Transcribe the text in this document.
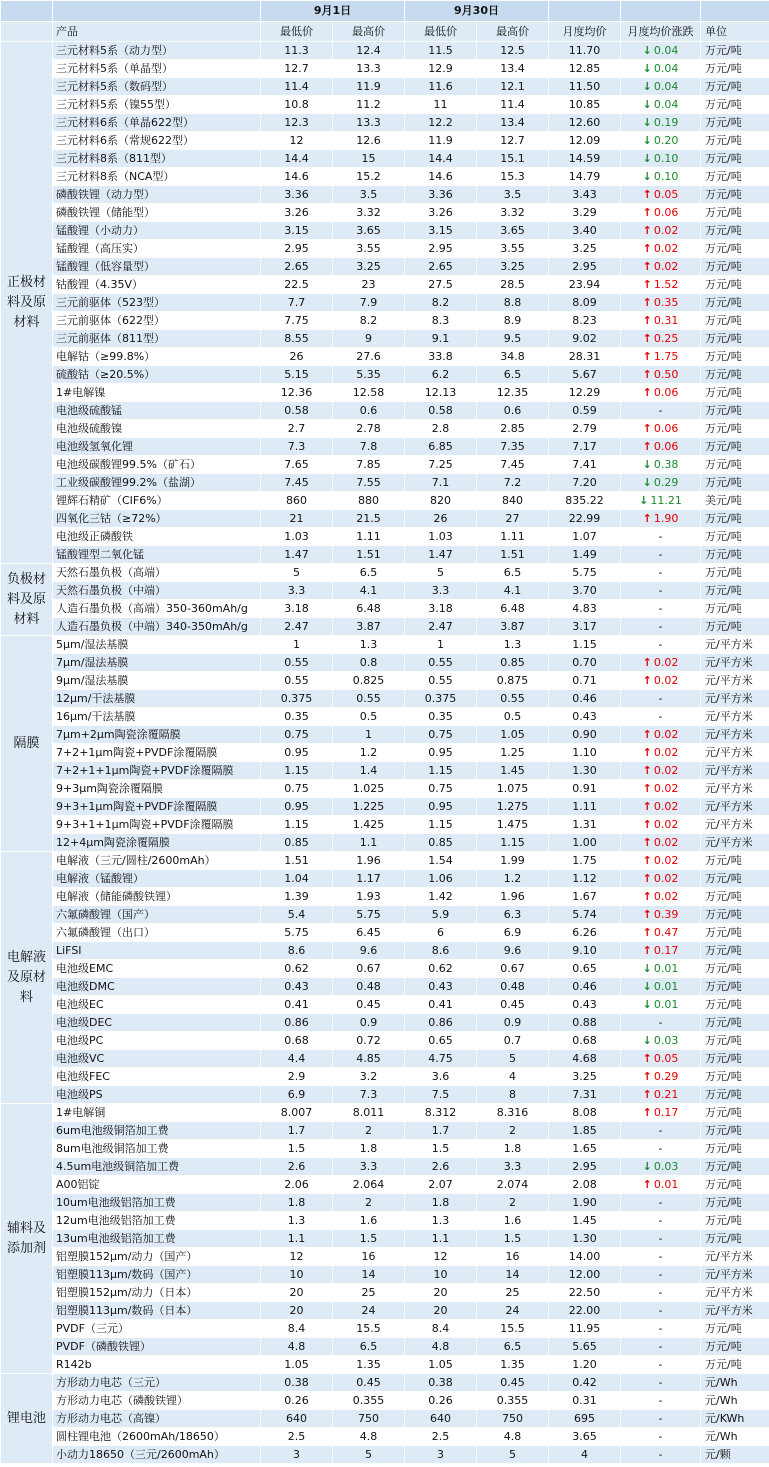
		9月1日		9月30日				
	产品	最低价	最高价	最低价	最高价	月度均价	月度均价涨跌	单位
正极材料及原材料	三元材料5系（动力型）	11.3	12.4	11.5	12.5	11.70	↓ 0.04	万元/吨
	三元材料5系（单晶型）	12.7	13.3	12.9	13.4	12.85	↓ 0.04	万元/吨
	三元材料5系（数码型）	11.4	11.9	11.6	12.1	11.50	↓ 0.04	万元/吨
	三元材料5系（镍55型）	10.8	11.2	11	11.4	10.85	↓ 0.04	万元/吨
	三元材料6系（单晶622型）	12.3	13.3	12.2	13.4	12.60	↓ 0.19	万元/吨
	三元材料6系（常规622型）	12	12.6	11.9	12.7	12.09	↓ 0.20	万元/吨
	三元材料8系（811型）	14.4	15	14.4	15.1	14.59	↓ 0.10	万元/吨
	三元材料8系（NCA型）	14.6	15.2	14.6	15.3	14.79	↓ 0.10	万元/吨
	磷酸铁锂（动力型）	3.36	3.5	3.36	3.5	3.43	↑ 0.05	万元/吨
	磷酸铁锂（储能型）	3.26	3.32	3.26	3.32	3.29	↑ 0.06	万元/吨
	锰酸锂（小动力）	3.15	3.65	3.15	3.65	3.40	↑ 0.02	万元/吨
	锰酸锂（高压实）	2.95	3.55	2.95	3.55	3.25	↑ 0.02	万元/吨
	锰酸锂（低容量型）	2.65	3.25	2.65	3.25	2.95	↑ 0.02	万元/吨
	钴酸锂（4.35V）	22.5	23	27.5	28.5	23.94	↑ 1.52	万元/吨
	三元前驱体（523型）	7.7	7.9	8.2	8.8	8.09	↑ 0.35	万元/吨
	三元前驱体（622型）	7.75	8.2	8.3	8.9	8.23	↑ 0.31	万元/吨
	三元前驱体（811型）	8.55	9	9.1	9.5	9.02	↑ 0.25	万元/吨
	电解钴（≥99.8%）	26	27.6	33.8	34.8	28.31	↑ 1.75	万元/吨
	硫酸钴（≥20.5%）	5.15	5.35	6.2	6.5	5.67	↑ 0.50	万元/吨
	1#电解镍	12.36	12.58	12.13	12.35	12.29	↑ 0.06	万元/吨
	电池级硫酸锰	0.58	0.6	0.58	0.6	0.59	-	万元/吨
	电池级硫酸镍	2.7	2.78	2.8	2.85	2.79	↑ 0.06	万元/吨
	电池级氢氧化锂	7.3	7.8	6.85	7.35	7.17	↑ 0.06	万元/吨
	电池级碳酸锂99.5%（矿石）	7.65	7.85	7.25	7.45	7.41	↓ 0.38	万元/吨
	工业级碳酸锂99.2%（盐湖）	7.45	7.55	7.1	7.2	7.20	↓ 0.29	万元/吨
	锂辉石精矿（CIF6%）	860	880	820	840	835.22	↓ 11.21	美元/吨
	四氧化三钴（≥72%）	21	21.5	26	27	22.99	↑ 1.90	万元/吨
	电池级正磷酸铁	1.03	1.11	1.03	1.11	1.07	-	万元/吨
	锰酸锂型二氧化锰	1.47	1.51	1.47	1.51	1.49	-	万元/吨
负极材料及原材料	天然石墨负极（高端）	5	6.5	5	6.5	5.75	-	万元/吨
	天然石墨负极（中端）	3.3	4.1	3.3	4.1	3.70	-	万元/吨
	人造石墨负极（高端）350-360mAh/g	3.18	6.48	3.18	6.48	4.83	-	万元/吨
	人造石墨负极（中端）340-350mAh/g	2.47	3.87	2.47	3.87	3.17	-	万元/吨
隔膜	5μm/湿法基膜	1	1.3	1	1.3	1.15	-	元/平方米
	7μm/湿法基膜	0.55	0.8	0.55	0.85	0.70	↑ 0.02	元/平方米
	9μm/湿法基膜	0.55	0.825	0.55	0.875	0.71	↑ 0.02	元/平方米
	12μm/干法基膜	0.375	0.55	0.375	0.55	0.46	-	元/平方米
	16μm/干法基膜	0.35	0.5	0.35	0.5	0.43	-	元/平方米
	7μm+2μm陶瓷涂覆隔膜	0.75	1	0.75	1.05	0.90	↑ 0.02	元/平方米
	7+2+1μm陶瓷+PVDF涂覆隔膜	0.95	1.2	0.95	1.25	1.10	↑ 0.02	元/平方米
	7+2+1+1μm陶瓷+PVDF涂覆隔膜	1.15	1.4	1.15	1.45	1.30	↑ 0.02	元/平方米
	9+3μm陶瓷涂覆隔膜	0.75	1.025	0.75	1.075	0.91	↑ 0.02	元/平方米
	9+3+1μm陶瓷+PVDF涂覆隔膜	0.95	1.225	0.95	1.275	1.11	↑ 0.02	元/平方米
	9+3+1+1μm陶瓷+PVDF涂覆隔膜	1.15	1.425	1.15	1.475	1.31	↑ 0.02	元/平方米
	12+4μm陶瓷涂覆隔膜	0.85	1.1	0.85	1.15	1.00	↑ 0.02	元/平方米
电解液及原材料	电解液（三元/圆柱/2600mAh）	1.51	1.96	1.54	1.99	1.75	↑ 0.02	万元/吨
	电解液（锰酸锂）	1.04	1.17	1.06	1.2	1.12	↑ 0.02	万元/吨
	电解液（储能磷酸铁锂）	1.39	1.93	1.42	1.96	1.67	↑ 0.02	万元/吨
	六氟磷酸锂（国产）	5.4	5.75	5.9	6.3	5.74	↑ 0.39	万元/吨
	六氟磷酸锂（出口）	5.75	6.45	6	6.9	6.26	↑ 0.47	万元/吨
	LiFSI	8.6	9.6	8.6	9.6	9.10	↑ 0.17	万元/吨
	电池级EMC	0.62	0.67	0.62	0.67	0.65	↓ 0.01	万元/吨
	电池级DMC	0.43	0.48	0.43	0.48	0.46	↓ 0.01	万元/吨
	电池级EC	0.41	0.45	0.41	0.45	0.43	↓ 0.01	万元/吨
	电池级DEC	0.86	0.9	0.86	0.9	0.88	-	万元/吨
	电池级PC	0.68	0.72	0.65	0.7	0.68	↓ 0.03	万元/吨
	电池级VC	4.4	4.85	4.75	5	4.68	↑ 0.05	万元/吨
	电池级FEC	2.9	3.2	3.6	4	3.25	↑ 0.29	万元/吨
	电池级PS	6.9	7.3	7.5	8	7.31	↑ 0.21	万元/吨
辅料及添加剂	1#电解铜	8.007	8.011	8.312	8.316	8.08	↑ 0.17	万元/吨
	6um电池级铜箔加工费	1.7	2	1.7	2	1.85	-	万元/吨
	8um电池级铜箔加工费	1.5	1.8	1.5	1.8	1.65	-	万元/吨
	4.5um电池级铜箔加工费	2.6	3.3	2.6	3.3	2.95	↓ 0.03	万元/吨
	A00铝锭	2.06	2.064	2.07	2.074	2.08	↑ 0.01	万元/吨
	10um电池级铝箔加工费	1.8	2	1.8	2	1.90	-	万元/吨
	12um电池级铝箔加工费	1.3	1.6	1.3	1.6	1.45	-	万元/吨
	13um电池级铝箔加工费	1.1	1.5	1.1	1.5	1.30	-	万元/吨
	铝塑膜152μm/动力（国产）	12	16	12	16	14.00	-	元/平方米
	铝塑膜113μm/数码（国产）	10	14	10	14	12.00	-	元/平方米
	铝塑膜152μm/动力（日本）	20	25	20	25	22.50	-	元/平方米
	铝塑膜113μm/数码（日本）	20	24	20	24	22.00	-	元/平方米
	PVDF（三元）	8.4	15.5	8.4	15.5	11.95	-	万元/吨
	PVDF（磷酸铁锂）	4.8	6.5	4.8	6.5	5.65	-	万元/吨
	R142b	1.05	1.35	1.05	1.35	1.20	-	万元/吨
锂电池	方形动力电芯（三元）	0.38	0.45	0.38	0.45	0.42	-	元/Wh
	方形动力电芯（磷酸铁锂）	0.26	0.355	0.26	0.355	0.31	-	元/Wh
	方形动力电芯（高镍）	640	750	640	750	695	-	元/KWh
	圆柱锂电池（2600mAh/18650）	2.5	4.8	2.5	4.8	3.65	-	元/Wh
	小动力18650（三元/2600mAh）	3	5	3	5	4	-	元/颗
